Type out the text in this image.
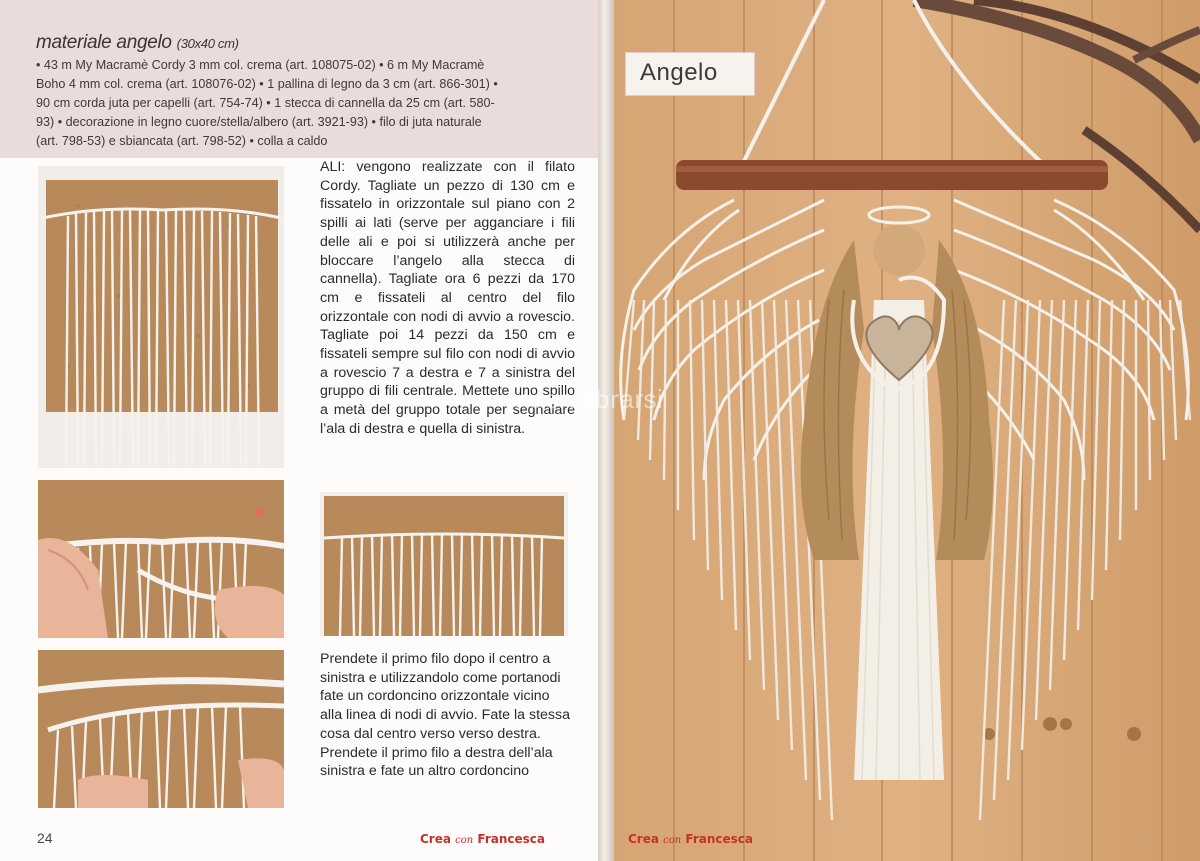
materiale angelo (30x40 cm)
• 43 m My Macramè Cordy 3 mm col. crema (art. 108075-02) • 6 m My Macramè
Boho 4 mm col. crema (art. 108076-02) • 1 pallina di legno da 3 cm (art. 866-301) •
90 cm corda juta per capelli (art. 754-74) • 1 stecca di cannella da 25 cm (art. 580-
93) • decorazione in legno cuore/stella/albero (art. 3921-93) • filo di juta naturale
(art. 798-53) e sbiancata (art. 798-52) • colla a caldo
ALI: vengono realizzate con il filato Cordy. Tagliate un pezzo di 130 cm e fissatelo in orizzontale sul piano con 2 spilli ai lati (serve per agganciare i fili delle ali e poi si utilizzerà anche per bloccare l’angelo alla stecca di cannella). Tagliate ora 6 pezzi da 170 cm e fissateli al centro del filo orizzontale con nodi di avvio a rovescio. Tagliate poi 14 pezzi da 150 cm e fissateli sempre sul filo con nodi di avvio a rovescio 7 a destra e 7 a sinistra del gruppo di fili centrale. Mettete uno spillo a metà del gruppo totale per segnalare l’ala di destra e quella di sinistra.

Prendete il primo filo dopo il centro a sinistra e utilizzandolo come portanodi fate un cordoncino orizzontale vicino alla linea di nodi di avvio. Fate la stessa cosa dal centro verso verso destra.

Prendete il primo filo a destra dell’ala sinistra e fate un altro cordoncino

24	Crea con Francesca
Angelo
macrolibrarsi
Crea con Francesca	25
